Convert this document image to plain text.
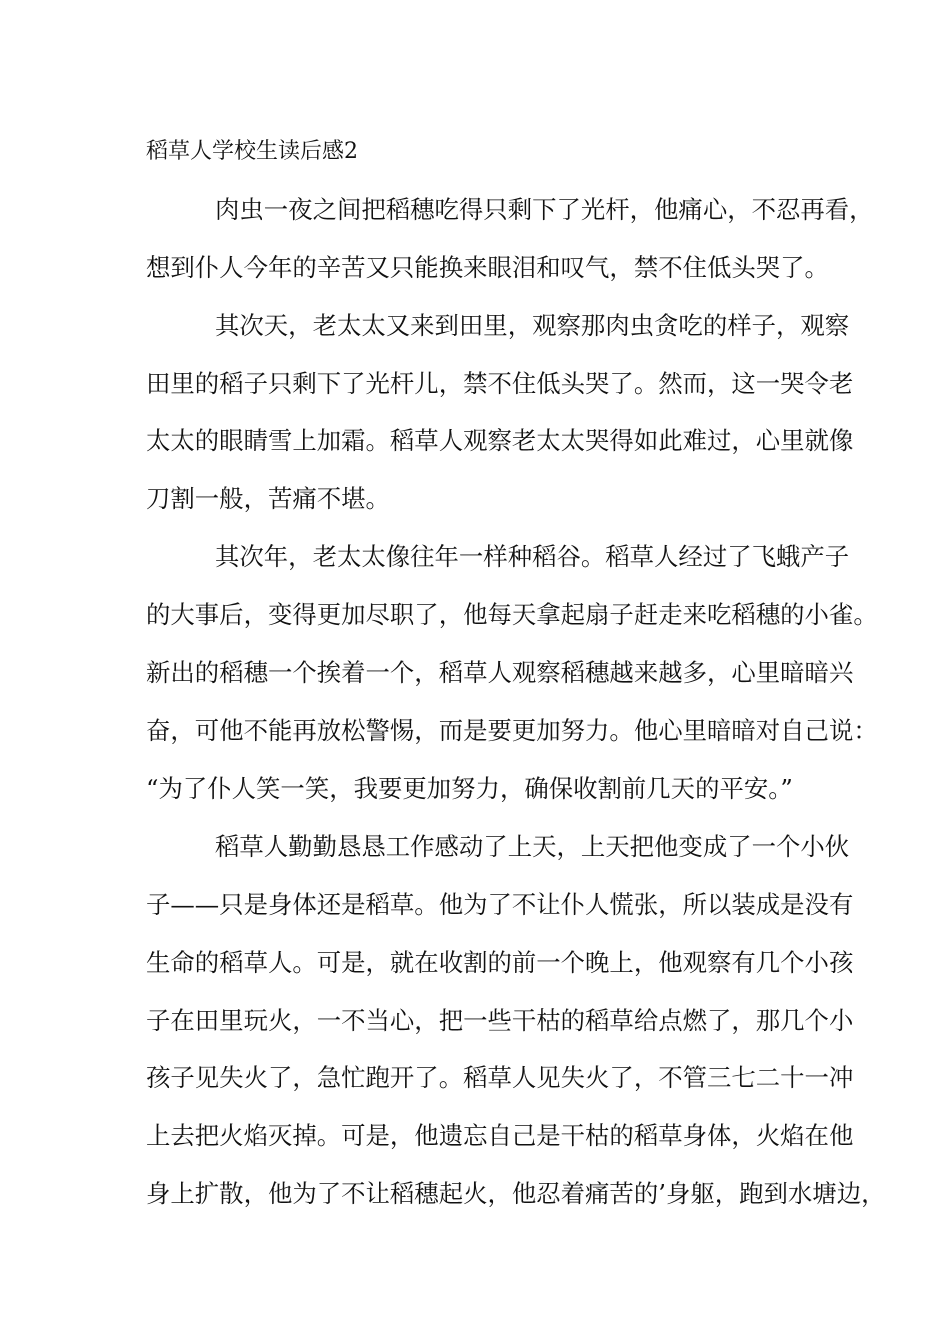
稻草人学校生读后感2
肉虫一夜之间把稻穗吃得只剩下了光杆，他痛心，不忍再看，
想到仆人今年的辛苦又只能换来眼泪和叹气，禁不住低头哭了。
其次天，老太太又来到田里，观察那肉虫贪吃的样子，观察
田里的稻子只剩下了光杆儿，禁不住低头哭了。然而，这一哭令老
太太的眼睛雪上加霜。稻草人观察老太太哭得如此难过，心里就像
刀割一般，苦痛不堪。
其次年，老太太像往年一样种稻谷。稻草人经过了飞蛾产子
的大事后，变得更加尽职了，他每天拿起扇子赶走来吃稻穗的小雀。
新出的稻穗一个挨着一个，稻草人观察稻穗越来越多，心里暗暗兴
奋，可他不能再放松警惕，而是要更加努力。他心里暗暗对自己说：
“为了仆人笑一笑，我要更加努力，确保收割前几天的平安。”
稻草人勤勤恳恳工作感动了上天，上天把他变成了一个小伙
子——只是身体还是稻草。他为了不让仆人慌张，所以装成是没有
生命的稻草人。可是，就在收割的前一个晚上，他观察有几个小孩
子在田里玩火，一不当心，把一些干枯的稻草给点燃了，那几个小
孩子见失火了，急忙跑开了。稻草人见失火了，不管三七二十一冲
上去把火焰灭掉。可是，他遗忘自己是干枯的稻草身体，火焰在他
身上扩散，他为了不让稻穗起火，他忍着痛苦的’身躯，跑到水塘边，
